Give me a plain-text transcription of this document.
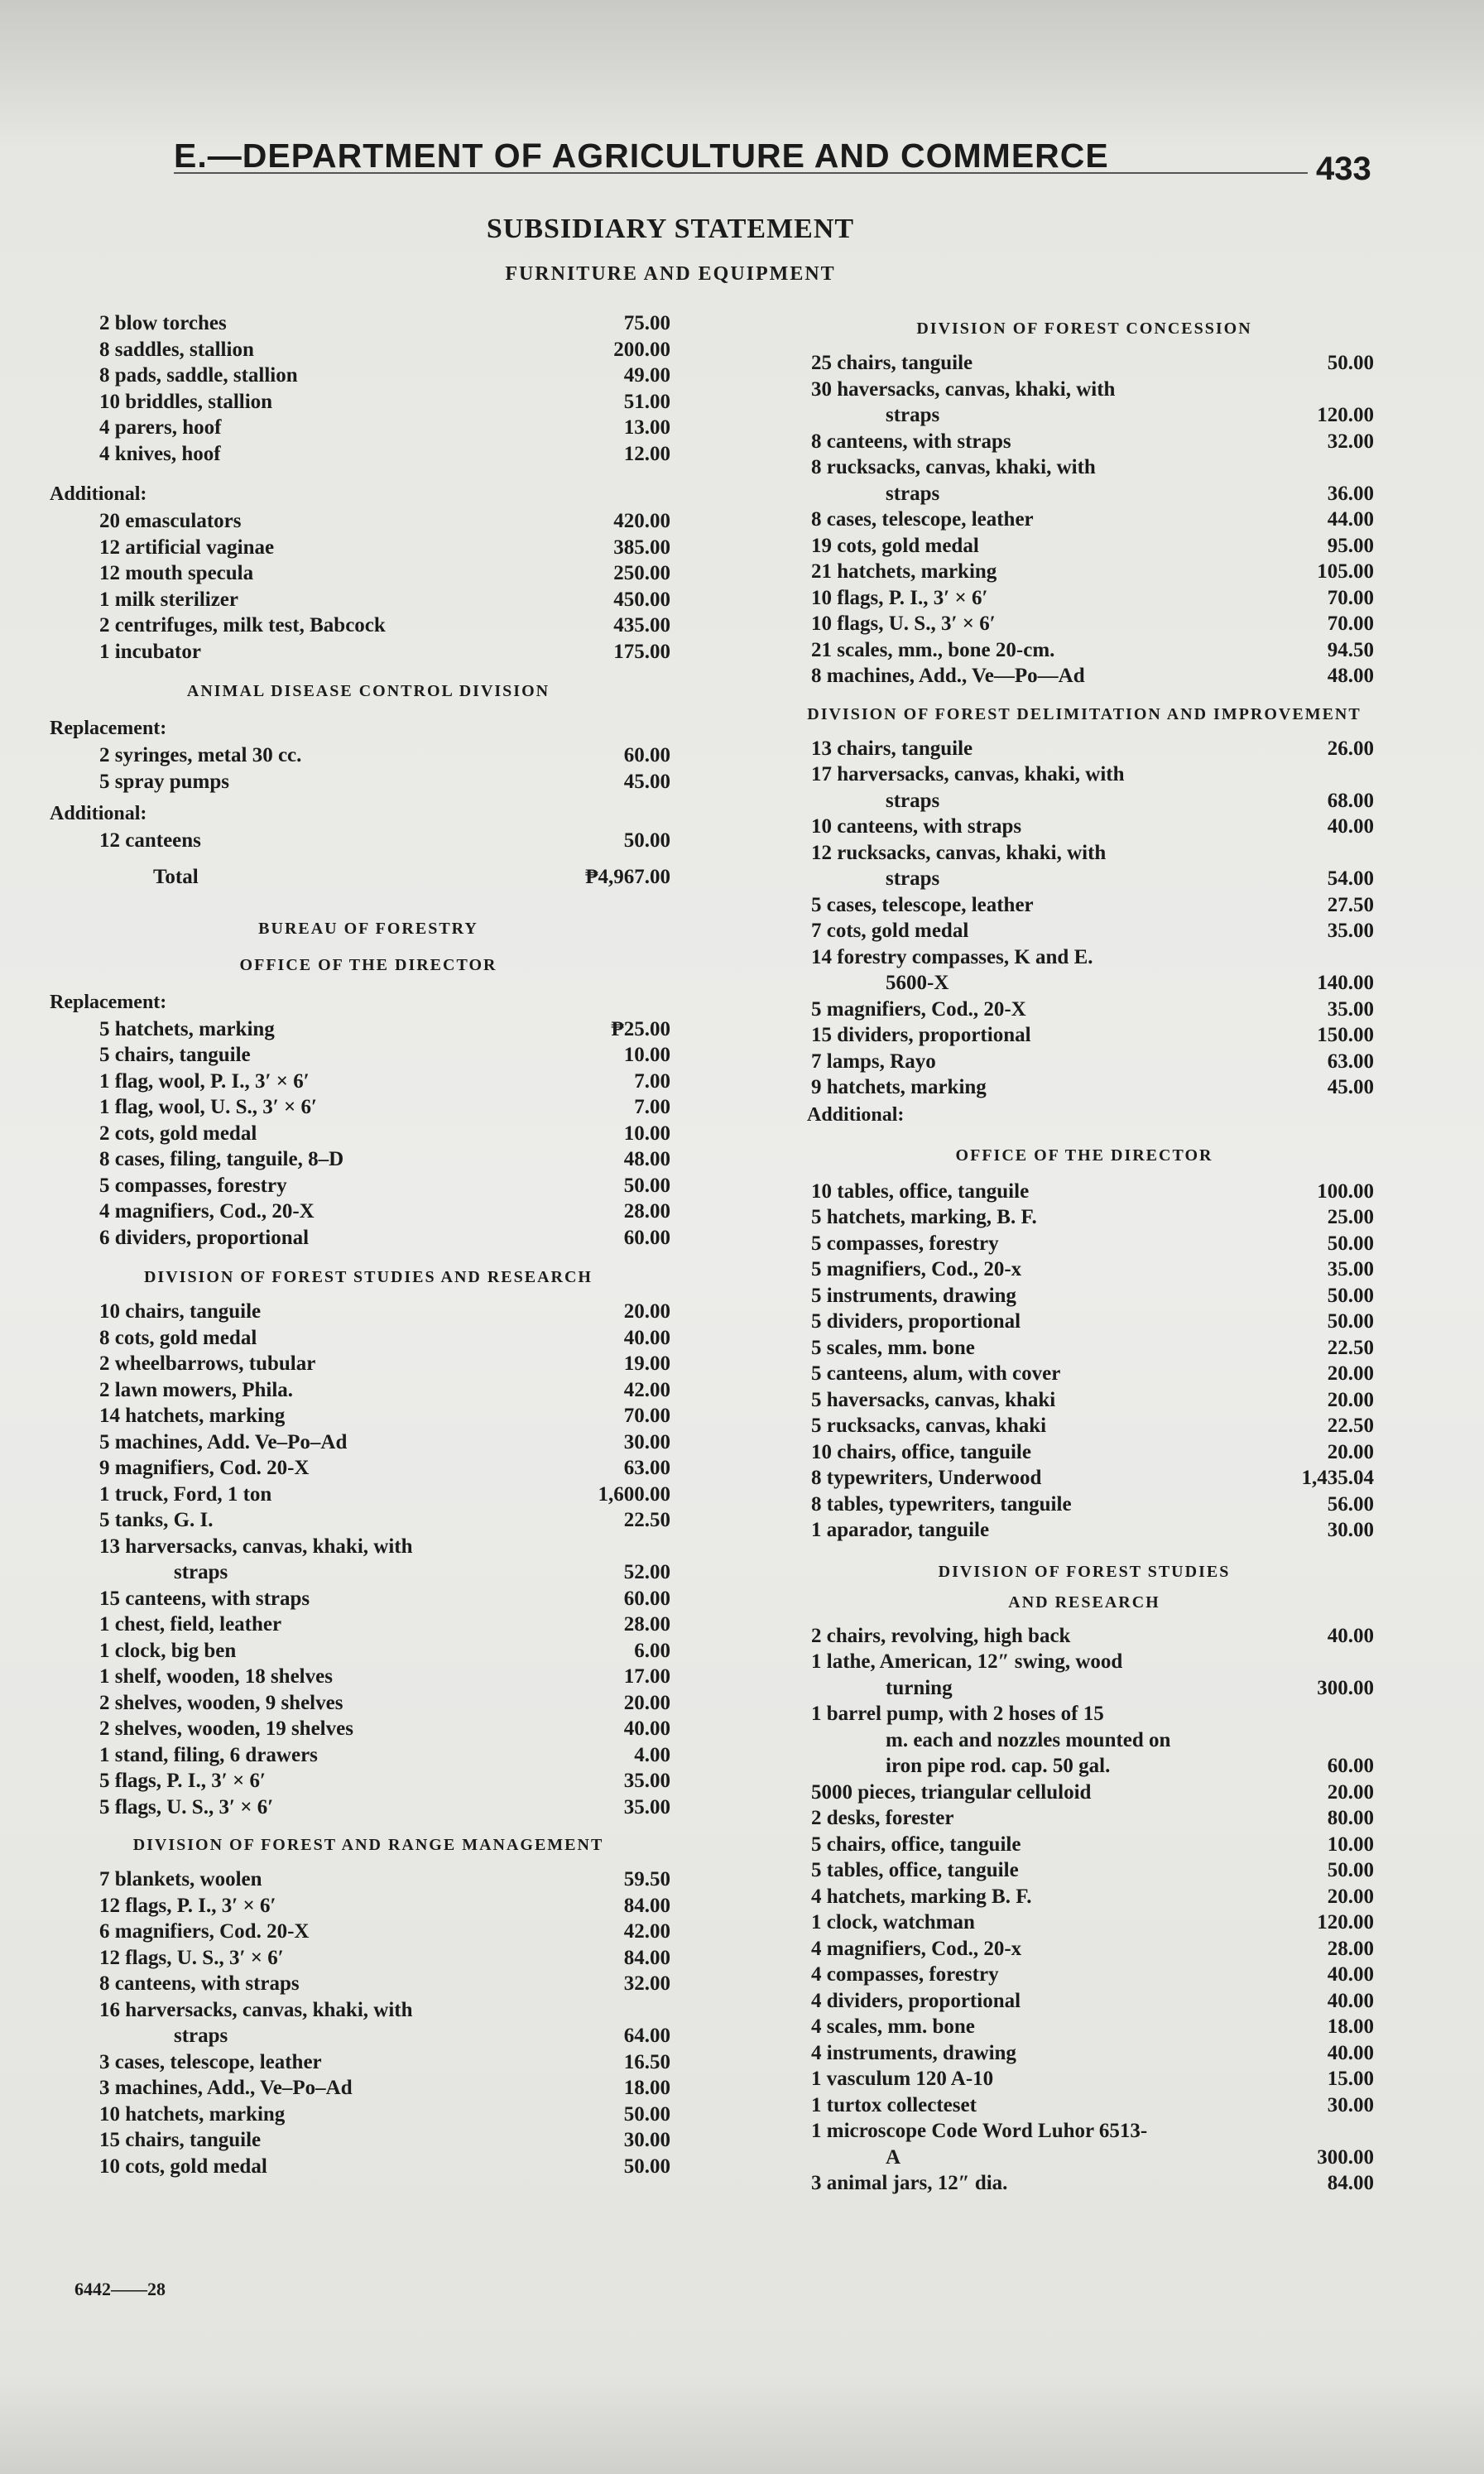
E.—DEPARTMENT OF AGRICULTURE AND COMMERCE	433
SUBSIDIARY STATEMENT
FURNITURE AND EQUIPMENT
2 blow torches	75.00
8 saddles, stallion	200.00
8 pads, saddle, stallion	49.00
10 briddles, stallion	51.00
4 parers, hoof	13.00
4 knives, hoof	12.00
Additional:
20 emasculators	420.00
12 artificial vaginae	385.00
12 mouth specula	250.00
1 milk sterilizer	450.00
2 centrifuges, milk test, Babcock	435.00
1 incubator	175.00
ANIMAL DISEASE CONTROL DIVISION
Replacement:
2 syringes, metal 30 cc.	60.00
5 spray pumps	45.00
Additional:
12 canteens	50.00
Total	₱4,967.00
BUREAU OF FORESTRY
OFFICE OF THE DIRECTOR
Replacement:
5 hatchets, marking	₱25.00
5 chairs, tanguile	10.00
1 flag, wool, P. I., 3′ × 6′	7.00
1 flag, wool, U. S., 3′ × 6′	7.00
2 cots, gold medal	10.00
8 cases, filing, tanguile, 8–D	48.00
5 compasses, forestry	50.00
4 magnifiers, Cod., 20-X	28.00
6 dividers, proportional	60.00
DIVISION OF FOREST STUDIES AND RESEARCH
10 chairs, tanguile	20.00
8 cots, gold medal	40.00
2 wheelbarrows, tubular	19.00
2 lawn mowers, Phila.	42.00
14 hatchets, marking	70.00
5 machines, Add. Ve–Po–Ad	30.00
9 magnifiers, Cod. 20-X	63.00
1 truck, Ford, 1 ton	1,600.00
5 tanks, G. I.	22.50
13 harversacks, canvas, khaki, with
straps	52.00
15 canteens, with straps	60.00
1 chest, field, leather	28.00
1 clock, big ben	6.00
1 shelf, wooden, 18 shelves	17.00
2 shelves, wooden, 9 shelves	20.00
2 shelves, wooden, 19 shelves	40.00
1 stand, filing, 6 drawers	4.00
5 flags, P. I., 3′ × 6′	35.00
5 flags, U. S., 3′ × 6′	35.00
DIVISION OF FOREST AND RANGE MANAGEMENT
7 blankets, woolen	59.50
12 flags, P. I., 3′ × 6′	84.00
6 magnifiers, Cod. 20-X	42.00
12 flags, U. S., 3′ × 6′	84.00
8 canteens, with straps	32.00
16 harversacks, canvas, khaki, with
straps	64.00
3 cases, telescope, leather	16.50
3 machines, Add., Ve–Po–Ad	18.00
10 hatchets, marking	50.00
15 chairs, tanguile	30.00
10 cots, gold medal	50.00
DIVISION OF FOREST CONCESSION
25 chairs, tanguile	50.00
30 haversacks, canvas, khaki, with
straps	120.00
8 canteens, with straps	32.00
8 rucksacks, canvas, khaki, with
straps	36.00
8 cases, telescope, leather	44.00
19 cots, gold medal	95.00
21 hatchets, marking	105.00
10 flags, P. I., 3′ × 6′	70.00
10 flags, U. S., 3′ × 6′	70.00
21 scales, mm., bone 20-cm.	94.50
8 machines, Add., Ve—Po—Ad	48.00
DIVISION OF FOREST DELIMITATION AND IMPROVEMENT
13 chairs, tanguile	26.00
17 harversacks, canvas, khaki, with
straps	68.00
10 canteens, with straps	40.00
12 rucksacks, canvas, khaki, with
straps	54.00
5 cases, telescope, leather	27.50
7 cots, gold medal	35.00
14 forestry compasses, K and E.
5600-X	140.00
5 magnifiers, Cod., 20-X	35.00
15 dividers, proportional	150.00
7 lamps, Rayo	63.00
9 hatchets, marking	45.00
Additional:
OFFICE OF THE DIRECTOR
10 tables, office, tanguile	100.00
5 hatchets, marking, B. F.	25.00
5 compasses, forestry	50.00
5 magnifiers, Cod., 20-x	35.00
5 instruments, drawing	50.00
5 dividers, proportional	50.00
5 scales, mm. bone	22.50
5 canteens, alum, with cover	20.00
5 haversacks, canvas, khaki	20.00
5 rucksacks, canvas, khaki	22.50
10 chairs, office, tanguile	20.00
8 typewriters, Underwood	1,435.04
8 tables, typewriters, tanguile	56.00
1 aparador, tanguile	30.00
DIVISION OF FOREST STUDIES
AND RESEARCH
2 chairs, revolving, high back	40.00
1 lathe, American, 12″ swing, wood
turning	300.00
1 barrel pump, with 2 hoses of 15
m. each and nozzles mounted on
iron pipe rod. cap. 50 gal.	60.00
5000 pieces, triangular celluloid	20.00
2 desks, forester	80.00
5 chairs, office, tanguile	10.00
5 tables, office, tanguile	50.00
4 hatchets, marking B. F.	20.00
1 clock, watchman	120.00
4 magnifiers, Cod., 20-x	28.00
4 compasses, forestry	40.00
4 dividers, proportional	40.00
4 scales, mm. bone	18.00
4 instruments, drawing	40.00
1 vasculum 120 A-10	15.00
1 turtox collecteset	30.00
1 microscope Code Word Luhor 6513-
A	300.00
3 animal jars, 12″ dia.	84.00
6442——28
